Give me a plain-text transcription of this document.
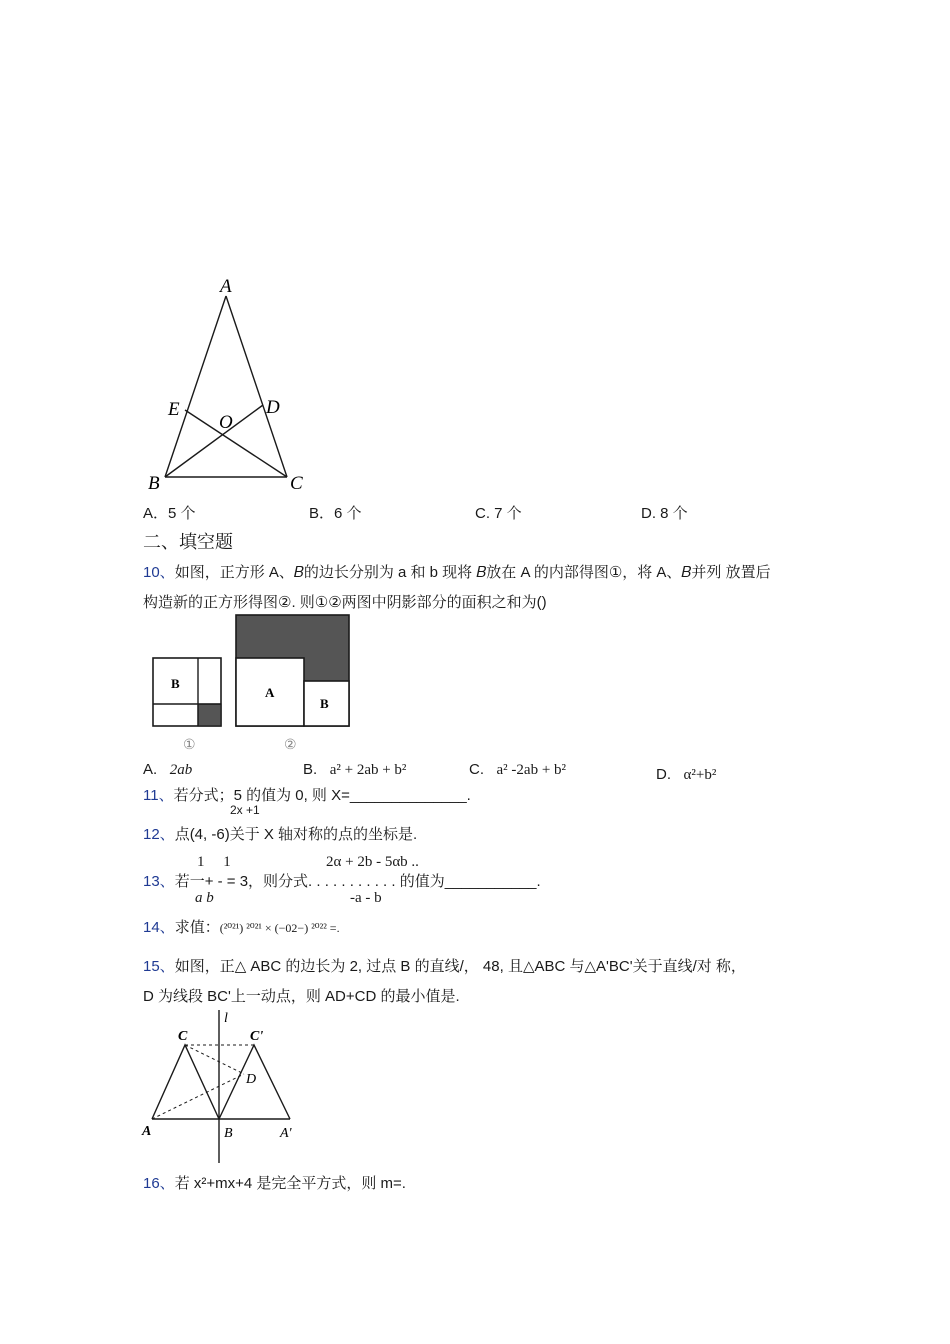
A
E	D
O
B	C
A．5 个	B．6 个	C. 7 个	D. 8 个
二、填空题
10、如图，正方形 A、𝐵的边长分别为 a 和 b 现将 𝐵放在 A 的内部得图①，将 A、𝐵并列 放置后
构造新的正方形得图②. 则①②两图中阴影部分的面积之和为()
B
A
B
①	②
A. 2ab	B. a² + 2ab + b²	C. a² -2ab + b²	D. α²+b²
11、若分式；5 的值为 0, 则 X=______________.
2x +1
12、点(4, -6)关于 X 轴对称的点的坐标是.
1     1	2α + 2b - 5αb ..
13、若一+ - = 3，则分式. . . . . . . . . . . 的值为___________.
a b	-a - b
14、求值：(²⁰²¹) ²⁰²¹ × (−02−) ²⁰²² =.
15、如图，正△ ABC 的边长为 2, 过点 B 的直线/， 48, 且△ABC 与△A'BC'关于直线/对 称，
D 为线段 BC'上一动点，则 AD+CD 的最小值是.
l
C	C'
D
A	B	A'
16、若 x²+mx+4 是完全平方式，则 m=.
